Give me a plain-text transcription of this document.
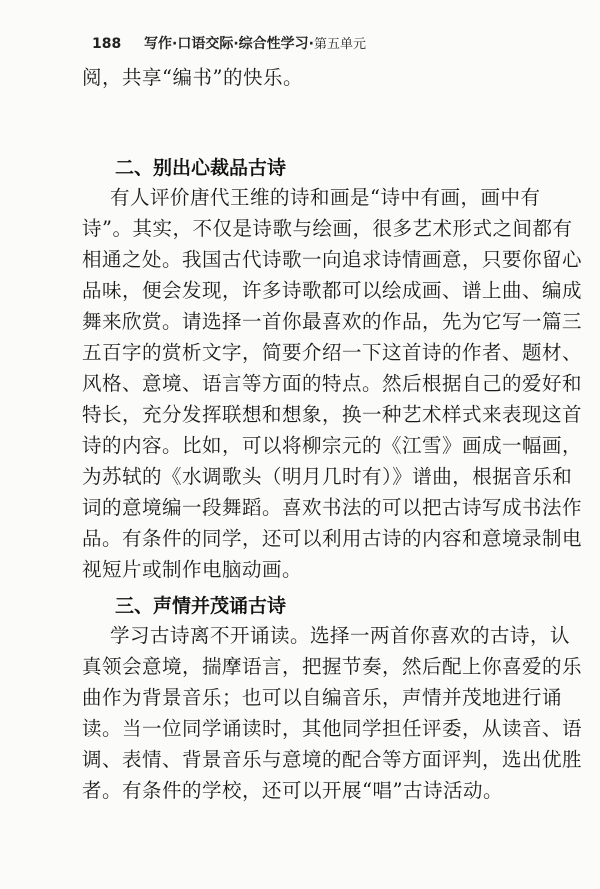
188 写作·口语交际·综合性学习·第五单元
阅，共享“编书”的快乐。
二、别出心裁品古诗
有人评价唐代王维的诗和画是“诗中有画，画中有
诗”。其实，不仅是诗歌与绘画，很多艺术形式之间都有
相通之处。我国古代诗歌一向追求诗情画意，只要你留心
品味，便会发现，许多诗歌都可以绘成画、谱上曲、编成
舞来欣赏。请选择一首你最喜欢的作品，先为它写一篇三
五百字的赏析文字，简要介绍一下这首诗的作者、题材、
风格、意境、语言等方面的特点。然后根据自己的爱好和
特长，充分发挥联想和想象，换一种艺术样式来表现这首
诗的内容。比如，可以将柳宗元的《江雪》画成一幅画，
为苏轼的《水调歌头（明月几时有）》谱曲，根据音乐和
词的意境编一段舞蹈。喜欢书法的可以把古诗写成书法作
品。有条件的同学，还可以利用古诗的内容和意境录制电
视短片或制作电脑动画。
三、声情并茂诵古诗
学习古诗离不开诵读。选择一两首你喜欢的古诗，认
真领会意境，揣摩语言，把握节奏，然后配上你喜爱的乐
曲作为背景音乐；也可以自编音乐，声情并茂地进行诵
读。当一位同学诵读时，其他同学担任评委，从读音、语
调、表情、背景音乐与意境的配合等方面评判，选出优胜
者。有条件的学校，还可以开展“唱”古诗活动。
